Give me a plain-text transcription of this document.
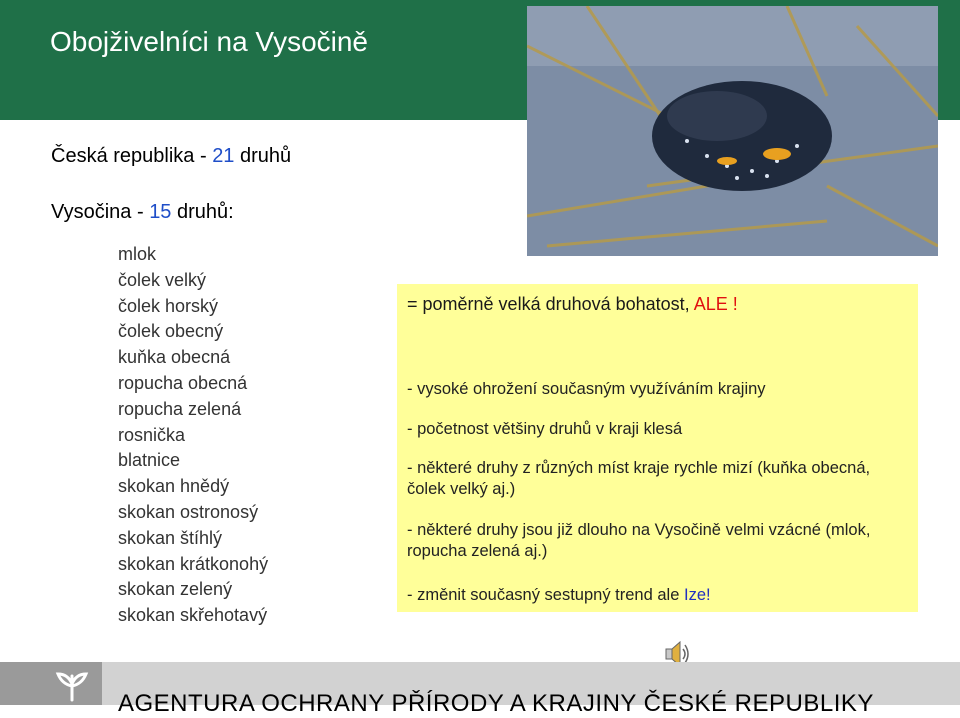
Obojživelníci na Vysočině
Česká republika - 21 druhů
Vysočina - 15 druhů:
mlok
čolek velký
čolek horský
čolek obecný
kuňka obecná
ropucha obecná
ropucha zelená
rosnička
blatnice
skokan hnědý
skokan ostronosý
skokan štíhlý
skokan krátkonohý
skokan zelený
skokan skřehotavý
= poměrně velká druhová bohatost, ALE !
- vysoké ohrožení současným využíváním krajiny
- početnost většiny druhů v kraji klesá
- některé druhy z různých míst kraje rychle mizí (kuňka obecná, čolek velký aj.)
- některé druhy jsou již dlouho na Vysočině velmi vzácné (mlok, ropucha zelená aj.)
- změnit současný sestupný trend ale Ize!
AGENTURA OCHRANY PŘÍRODY A KRAJINY ČESKÉ REPUBLIKY
